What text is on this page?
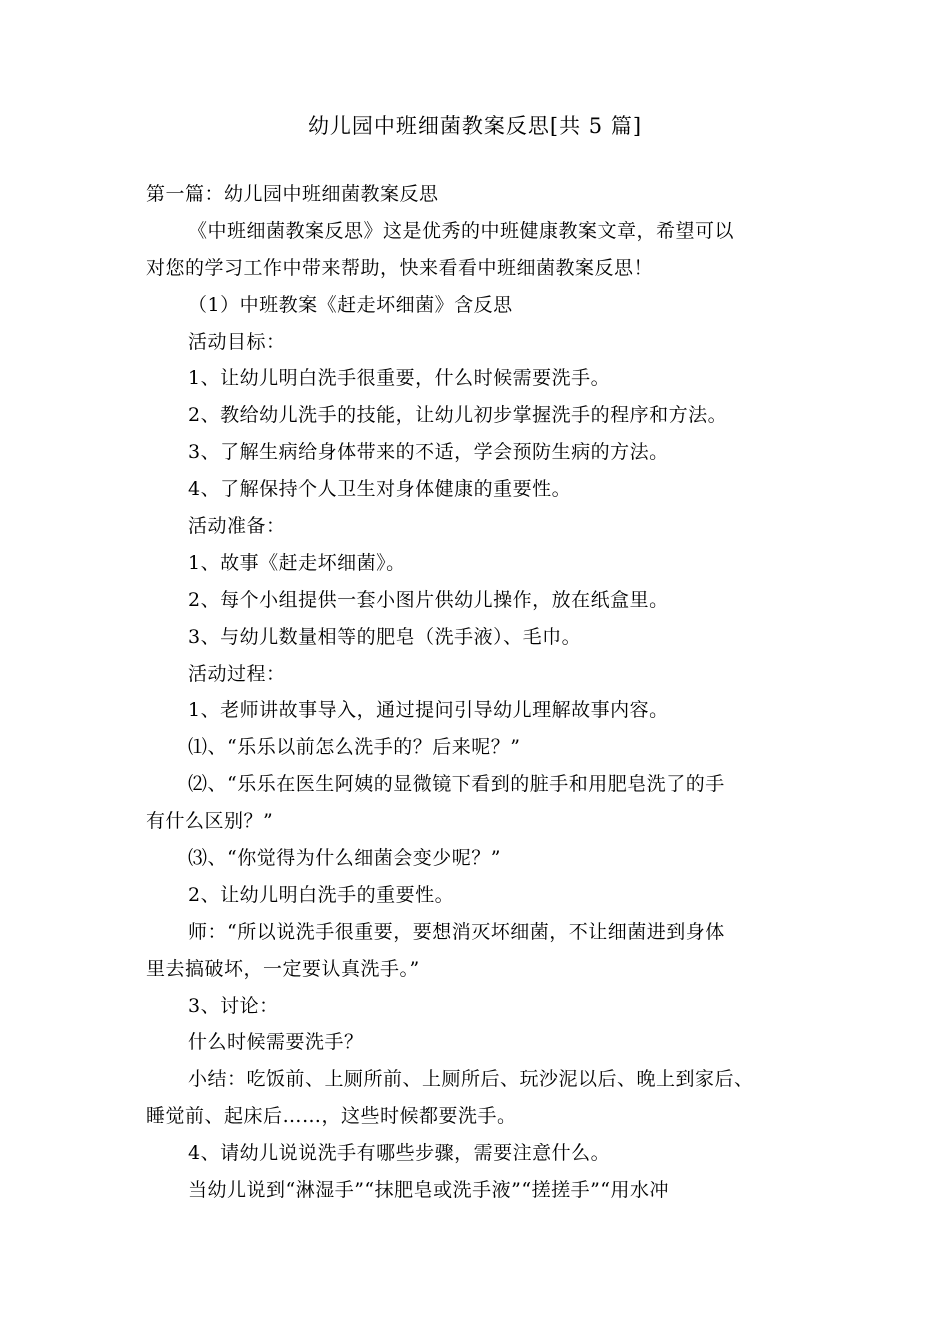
幼儿园中班细菌教案反思[共 5 篇]
第一篇：幼儿园中班细菌教案反思
《中班细菌教案反思》这是优秀的中班健康教案文章，希望可以
对您的学习工作中带来帮助，快来看看中班细菌教案反思！
（1）中班教案《赶走坏细菌》含反思
活动目标：
1、让幼儿明白洗手很重要，什么时候需要洗手。
2、教给幼儿洗手的技能，让幼儿初步掌握洗手的程序和方法。
3、了解生病给身体带来的不适，学会预防生病的方法。
4、了解保持个人卫生对身体健康的重要性。
活动准备：
1、故事《赶走坏细菌》。
2、每个小组提供一套小图片供幼儿操作，放在纸盒里。
3、与幼儿数量相等的肥皂（洗手液）、毛巾。
活动过程：
1、老师讲故事导入，通过提问引导幼儿理解故事内容。
⑴、“乐乐以前怎么洗手的？后来呢？”
⑵、“乐乐在医生阿姨的显微镜下看到的脏手和用肥皂洗了的手
有什么区别？”
⑶、“你觉得为什么细菌会变少呢？”
2、让幼儿明白洗手的重要性。
师：“所以说洗手很重要，要想消灭坏细菌，不让细菌进到身体
里去搞破坏，一定要认真洗手。”
3、讨论：
什么时候需要洗手？
小结：吃饭前、上厕所前、上厕所后、玩沙泥以后、晚上到家后、
睡觉前、起床后……，这些时候都要洗手。
4、请幼儿说说洗手有哪些步骤，需要注意什么。
当幼儿说到“淋湿手”“抹肥皂或洗手液”“搓搓手”“用水冲
